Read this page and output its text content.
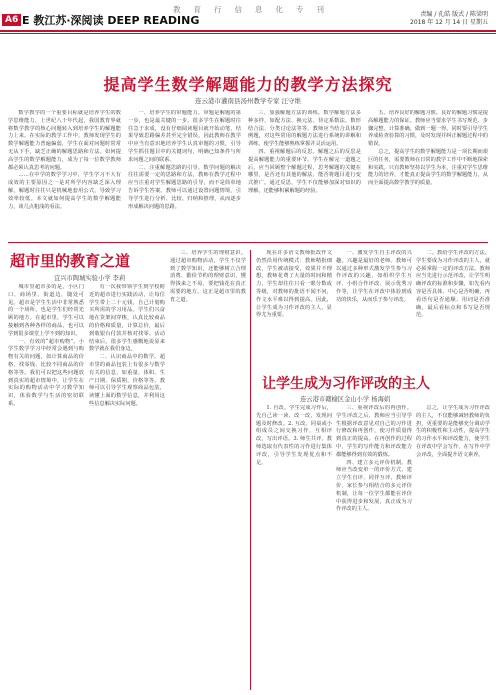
教育行信息化专刊
A6 E 教江苏·深阅读 DEEP READING	责编 / 孔皓 版式 / 陈梁明
2018 年 12 月 14 日 星期五
提高学生数学解题能力的教学方法探究
连云港市灌南县汤州教学专家 汪守维

数学教学的一个重要目标就是培养学生的数学思维能力，上世纪八十年代起，我国教育界就将数学教学的核心问题转入到培养学生的解题能力上来。在实际的教学工作中，教师发现学生的数学解题能力普遍偏弱，学生在面对问题时常常无从下手，缺乏正确的解题思路和方法。如何提高学生的数学解题能力，成为了每一位数学教师都必须认真思考的问题。

……在中学的数学学习中，学生学习不大有成效的主要原因之一是对所学内容缺乏深入理解，解题时往往只是机械地套用公式，导致学习效率较低。本文就如何提高学生的数学解题能力，谈几点粗浅的看法。

一、培养学生的审题能力。审题是解题的第一步，也是最关键的一步。很多学生在解题时往往急于求成，没有仔细阅读题目就开始动笔，结果导致思路偏差甚至完全错误。因此教师在教学中应当有意识地培养学生认真审题的习惯，引导学生抓住题目中的关键词句，明确已知条件与所求问题之间的联系。

二、注重解题思路的引导。数学问题的解决往往需要一定的思路和方法，教师在教学过程中应当注重对学生解题思路的引导，而不是简单地告诉学生答案。教师可以通过设置问题情境，引导学生进行分析、比较、归纳和推理，从而逐步形成解决问题的思路。

三、加强解题方法的训练。数学解题方法多种多样，如配方法、换元法、待定系数法、数形结合法、分类讨论法等等。教师应当结合具体的例题，对这些常用的解题方法进行系统的讲解和训练，使学生能够熟练掌握并灵活运用。

四、重视解题后的反思。解题之后的反思是提高解题能力的重要环节。学生在解完一道题之后，应当回顾整个解题过程，思考解题的关键在哪里，是否还有其他的解法，能否将题目进行变式推广。通过反思，学生不仅能够加深对知识的理解，还能够积累解题的经验。

五、培养良好的解题习惯。良好的解题习惯是提高解题能力的保证。教师应当要求学生书写规范、步骤完整、计算准确，做到一题一得。同时要引导学生养成检查验算的习惯，及时发现并纠正解题过程中的错误。

总之，提高学生的数学解题能力是一项长期而艰巨的任务，需要教师在日常的教学工作中不断地探索和实践。只有教师坚持以学生为本，注重对学生思维能力的培养，才能真正提高学生的数学解题能力，从而全面提高数学教学的质量。

超市里的教育之道
宜兴市陶城实验小学 李莉

城市里超市多的是，小区门口、商场里、街道边，随处可见。超市是学生生活中非常熟悉的一个场所，也是学生们经常光顾的地方。在超市里，学生可以接触到各种各样的商品，也可以学到很多课堂上学不到的知识。

一、有效的“超市购物”。小学生数学学习中经常会遇到与购物有关的问题，如计算商品的价格、找零钱、比较不同商品的价格等等。我们可以把这些问题放到真实的超市情境中，让学生在实际的购物活动中学习数学知识，体验数学与生活的密切联系。

有一次我带领学生到学校附近的超市进行实践活动，让每位学生带上二十元钱，自己计划购买所需的学习用品。学生们兴奋地在货架间穿梭，认真比较商品的价格和质量，计算总价，最后到收银台付款并核对找零。活动结束后，很多学生感慨地说原来数学就在我们身边。

二、认识商品中的数学。超市里的商品包装上有很多与数学有关的信息，如重量、体积、生产日期、保质期、价格等等。教师可以引导学生观察商品包装，读懂上面的数学信息，并利用这些信息解决实际问题。

三、培养学生的理财意识。通过超市购物活动，学生不仅学到了数学知识，还能够树立合理消费、勤俭节约的理财意识，懂得钱来之不易，要把钱花在真正需要的地方。这正是超市里的教育之道。

让学生成为习作评改的主人
连云港市赣榆区金山小学 杨海娟

现在许多语文教师批改作文仍然沿用传统模式：教师精批细改，学生被动接受，效果并不理想。教师花费了大量的时间和精力，学生却往往只看一眼分数或等级，对教师的批语不闻不问，作文水平难以得到提高。因此，让学生成为习作评改的主人，显得尤为重要。

一、激发学生自主评改的兴趣。兴趣是最好的老师。教师可以通过多种形式激发学生参与习作评改的兴趣，如组织学生互评、小组合作评改、展示优秀习作等，让学生在评改中体验到成功的快乐，从而乐于参与评改。

二、教给学生评改的方法。学生要成为习作评改的主人，就必须掌握一定的评改方法。教师应当先进行示范评改，让学生明确评改的标准和步骤，如先看内容是否具体、中心是否明确，再看语句是否通顺、用词是否准确，最后看标点和书写是否规范。

1. 自改。学生完成习作后，先自己读一读、改一改，发现问题及时修改。2. 互改。同桌或小组成员之间交换习作，互相评改，写出评语。3. 师生共评。教师选取有代表性的习作进行集体评改，引导学生发现优点和不足。

三、重视评改后的再创作。学生评改之后，教师应当引导学生根据评改意见对自己的习作进行修改和再创作，使习作质量得到真正的提高。在再创作的过程中，学生的写作能力和评改能力都能够得到有效的锻炼。

四、建立多元评价机制。教师应当改变单一的评价方式，建立学生自评、同伴互评、教师评价、家长参与相结合的多元评价机制，让每一位学生都能在评价中获得进步和发展，真正成为习作评改的主人。

总之，让学生成为习作评改的主人，不仅能够减轻教师的负担，更重要的是能够充分调动学生的积极性和主动性，提高学生的习作水平和评改能力，使学生在评改中学会写作，在写作中学会评改，全面提升语文素养。
